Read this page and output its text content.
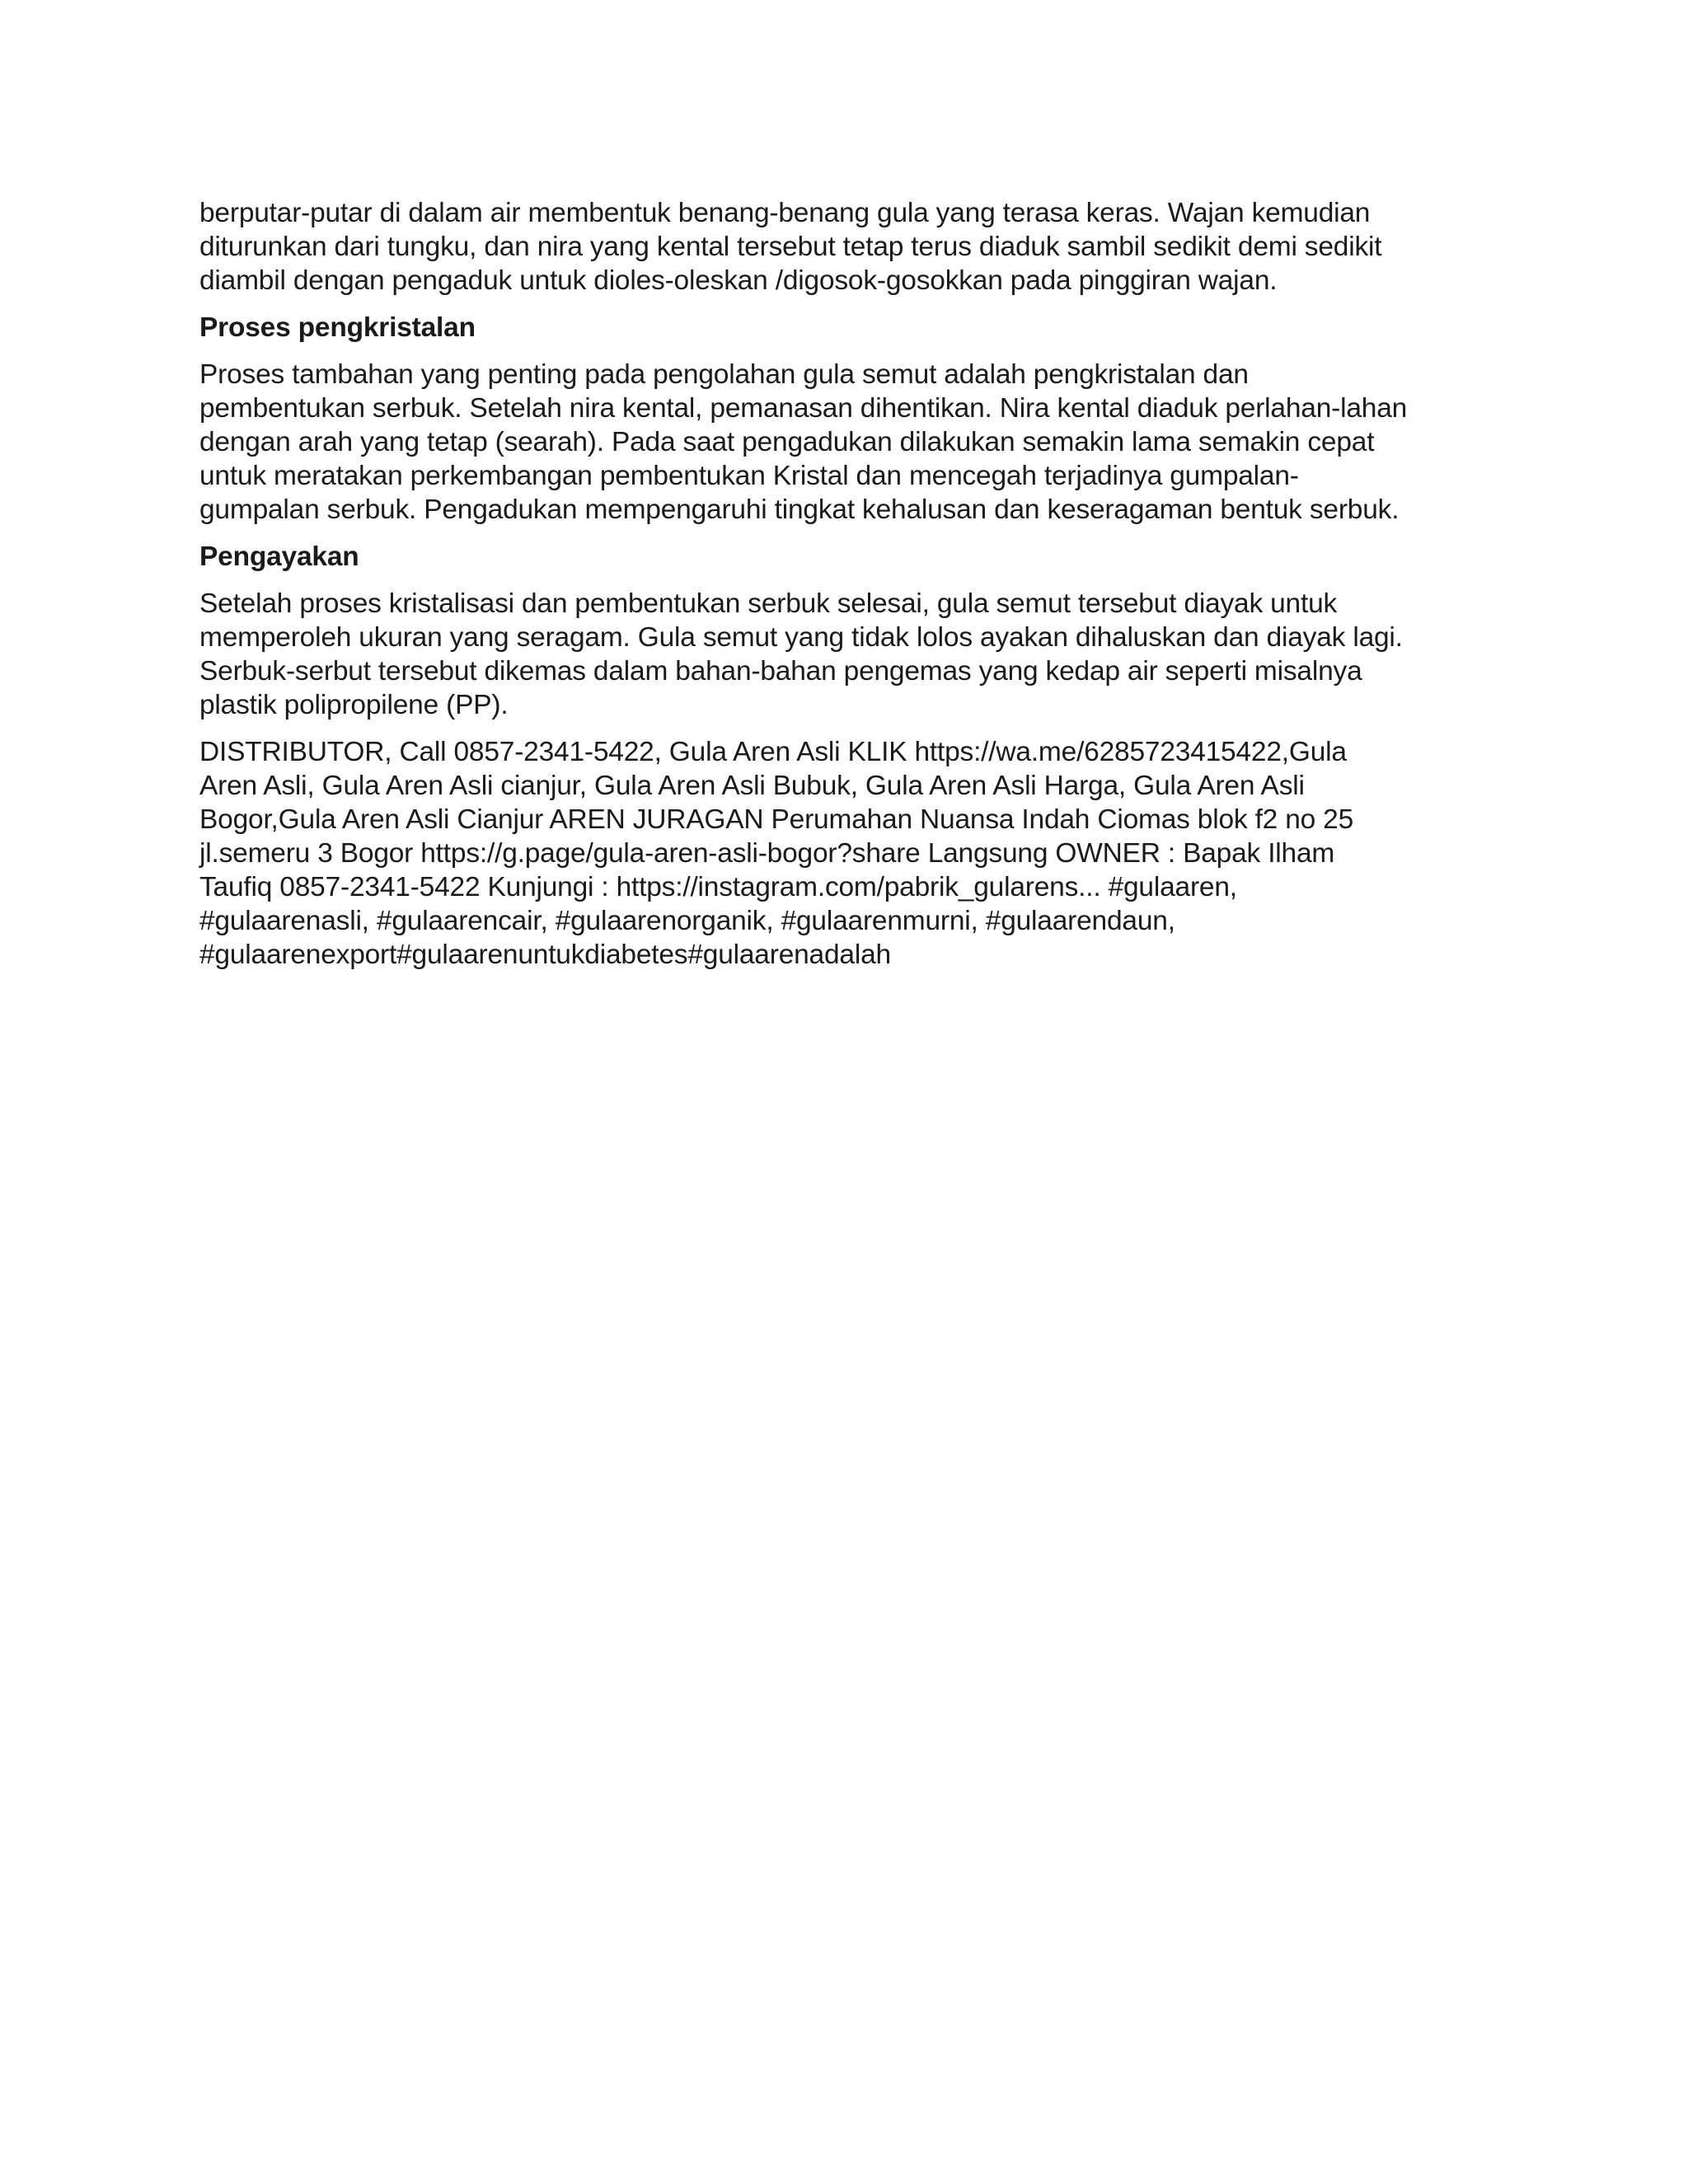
berputar-putar di dalam air membentuk benang-benang gula yang terasa keras. Wajan kemudian
diturunkan dari tungku, dan nira yang kental tersebut tetap terus diaduk sambil sedikit demi sedikit
diambil dengan pengaduk untuk dioles-oleskan /digosok-gosokkan pada pinggiran wajan.
Proses pengkristalan
Proses tambahan yang penting pada pengolahan gula semut adalah pengkristalan dan
pembentukan serbuk. Setelah nira kental, pemanasan dihentikan. Nira kental diaduk perlahan-lahan
dengan arah yang tetap (searah). Pada saat pengadukan dilakukan semakin lama semakin cepat
untuk meratakan perkembangan pembentukan Kristal dan mencegah terjadinya gumpalan-
gumpalan serbuk. Pengadukan mempengaruhi tingkat kehalusan dan keseragaman bentuk serbuk.
Pengayakan
Setelah proses kristalisasi dan pembentukan serbuk selesai, gula semut tersebut diayak untuk
memperoleh ukuran yang seragam. Gula semut yang tidak lolos ayakan dihaluskan dan diayak lagi.
Serbuk-serbut tersebut dikemas dalam bahan-bahan pengemas yang kedap air seperti misalnya
plastik polipropilene (PP).
DISTRIBUTOR, Call 0857-2341-5422, Gula Aren Asli KLIK https://wa.me/6285723415422,Gula
Aren Asli, Gula Aren Asli cianjur, Gula Aren Asli Bubuk, Gula Aren Asli Harga, Gula Aren Asli
Bogor,Gula Aren Asli Cianjur AREN JURAGAN Perumahan Nuansa Indah Ciomas blok f2 no 25
jl.semeru 3 Bogor https://g.page/gula-aren-asli-bogor?share Langsung OWNER : Bapak Ilham
Taufiq 0857-2341-5422 Kunjungi : https://instagram.com/pabrik_gularens... #gulaaren,
#gulaarenasli, #gulaarencair, #gulaarenorganik, #gulaarenmurni, #gulaarendaun,
#gulaarenexport#gulaarenuntukdiabetes#gulaarenadalah
